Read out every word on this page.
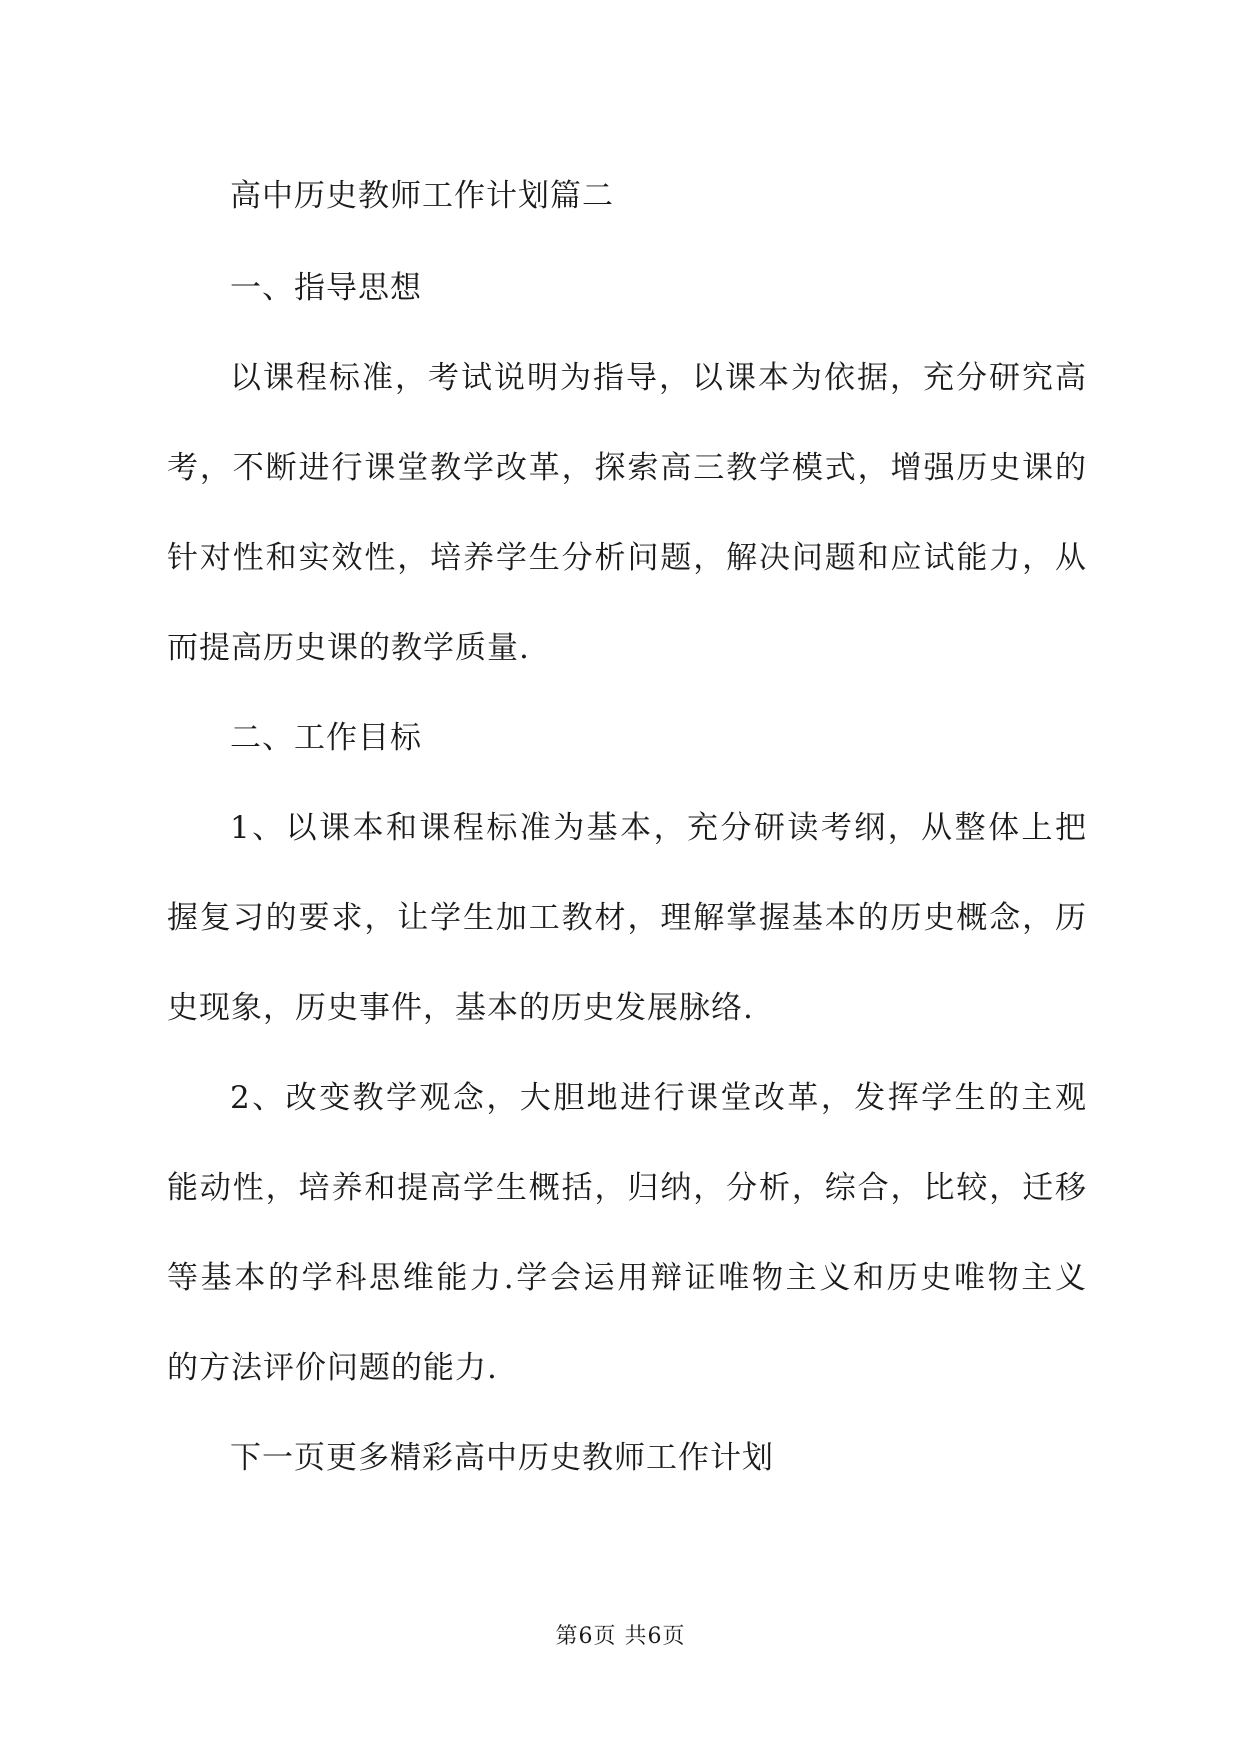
高中历史教师工作计划篇二
一、指导思想
以课程标准，考试说明为指导，以课本为依据，充分研究高
考，不断进行课堂教学改革，探索高三教学模式，增强历史课的
针对性和实效性，培养学生分析问题，解决问题和应试能力，从
而提高历史课的教学质量.
二、工作目标
1、以课本和课程标准为基本，充分研读考纲，从整体上把
握复习的要求，让学生加工教材，理解掌握基本的历史概念，历
史现象，历史事件，基本的历史发展脉络.
2、改变教学观念，大胆地进行课堂改革，发挥学生的主观
能动性，培养和提高学生概括，归纳，分析，综合，比较，迁移
等基本的学科思维能力.学会运用辩证唯物主义和历史唯物主义
的方法评价问题的能力.
下一页更多精彩高中历史教师工作计划
第6页 共6页
